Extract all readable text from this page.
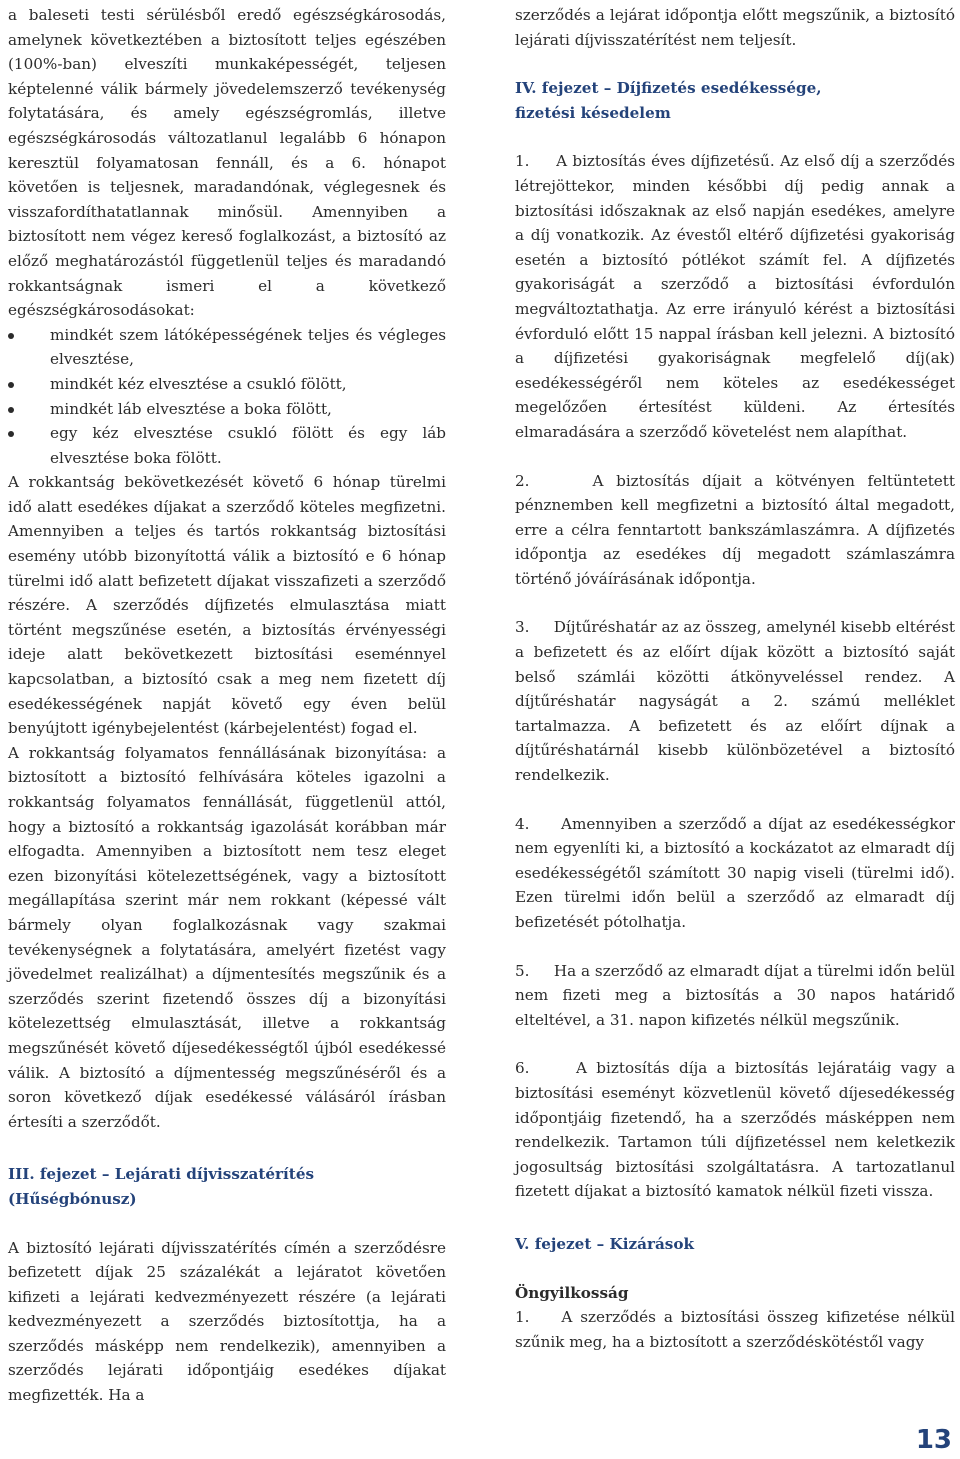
a baleseti testi sérülésből eredő egészségkárosodás, amelynek következtében a biztosított teljes egészében (100%-ban) elveszíti munkaképességét, teljesen képtelenné válik bármely jövedelemszerző tevékenység folytatására, és amely egészségromlás, illetve egészségkárosodás változatlanul legalább 6 hónapon keresztül folyamatosan fennáll, és a 6. hónapot követően is teljesnek, maradandónak, véglegesnek és visszafordíthatatlannak minősül. Amennyiben a biztosított nem végez kereső foglalkozást, a biztosító az előző meghatározástól függetlenül teljes és maradandó rokkantságnak ismeri el a következő egészségkárosodásokat:

mindkét szem látóképességének teljes és végleges elvesztése,
mindkét kéz elvesztése a csukló fölött,
mindkét láb elvesztése a boka fölött,
egy kéz elvesztése csukló fölött és egy láb elvesztése boka fölött.

A rokkantság bekövetkezését követő 6 hónap türelmi idő alatt esedékes díjakat a szerződő köteles megfizetni. Amennyiben a teljes és tartós rokkantság biztosítási esemény utóbb bizonyítottá válik a biztosító e 6 hónap türelmi idő alatt befizetett díjakat visszafizeti a szerződő részére. A szerződés díjfizetés elmulasztása miatt történt megszűnése esetén, a biztosítás érvényességi ideje alatt bekövetkezett biztosítási eseménnyel kapcsolatban, a biztosító csak a meg nem fizetett díj esedékességének napját követő egy éven belül benyújtott igénybejelentést (kárbejelentést) fogad el.

A rokkantság folyamatos fennállásának bizonyítása: a biztosított a biztosító felhívására köteles igazolni a rokkantság folyamatos fennállását, függetlenül attól, hogy a biztosító a rokkantság igazolását korábban már elfogadta. Amennyiben a biztosított nem tesz eleget ezen bizonyítási kötelezettségének, vagy a biztosított megállapítása szerint már nem rokkant (képessé vált bármely olyan foglalkozásnak vagy szakmai tevékenységnek a folytatására, amelyért fizetést vagy jövedelmet realizálhat) a díjmentesítés megszűnik és a szerződés szerint fizetendő összes díj a bizonyítási kötelezettség elmulasztását, illetve a rokkantság megszűnését követő díjesedékességtől újból esedékessé válik. A biztosító a díjmentesség megszűnéséről és a soron következő díjak esedékessé válásáról írásban értesíti a szerződőt.

III. fejezet – Lejárati díjvisszatérítés (Hűségbónusz)

A biztosító lejárati díjvisszatérítés címén a szerződésre befizetett díjak 25 százalékát a lejáratot követően kifizeti a lejárati kedvezményezett részére (a lejárati kedvezményezett a szerződés biztosítottja, ha a szerződés másképp nem rendelkezik), amennyiben a szerződés lejárati időpontjáig esedékes díjakat megfizették. Ha a

szerződés a lejárat időpontja előtt megszűnik, a biztosító lejárati díjvisszatérítést nem teljesít.

IV. fejezet – Díjfizetés esedékessége,
fizetési késedelem

1. A biztosítás éves díjfizetésű. Az első díj a szerződés létrejöttekor, minden későbbi díj pedig annak a biztosítási időszaknak az első napján esedékes, amelyre a díj vonatkozik. Az évestől eltérő díjfizetési gyakoriság esetén a biztosító pótlékot számít fel. A díjfizetés gyakoriságát a szerződő a biztosítási évfordulón megváltoztathatja. Az erre irányuló kérést a biztosítási évforduló előtt 15 nappal írásban kell jelezni. A biztosító a díjfizetési gyakoriságnak megfelelő díj(ak) esedékességéről nem köteles az esedékességet megelőzően értesítést küldeni. Az értesítés elmaradására a szerződő követelést nem alapíthat.

2.	A biztosítás díjait a kötvényen feltüntetett pénznemben kell megfizetni a biztosító által megadott, erre a célra fenntartott bankszámlaszámra. A díjfizetés időpontja az esedékes díj megadott számlaszámra történő jóváírásának időpontja.

3. Díjtűréshatár az az összeg, amelynél kisebb eltérést a befizetett és az előírt díjak között a biztosító saját belső számlái közötti átkönyveléssel rendez. A díjtűréshatár nagyságát a 2. számú melléklet tartalmazza. A befizetett és az előírt díjnak a díjtűréshatárnál kisebb különbözetével a biztosító rendelkezik.

4. Amennyiben a szerződő a díjat az esedékességkor nem egyenlíti ki, a biztosító a kockázatot az elmaradt díj esedékességétől számított 30 napig viseli (türelmi idő). Ezen türelmi időn belül a szerződő az elmaradt díj befizetését pótolhatja.

5. Ha a szerződő az elmaradt díjat a türelmi időn belül nem fizeti meg a biztosítás a 30 napos határidő elteltével, a 31. napon kifizetés nélkül megszűnik.

6.	A biztosítás díja a biztosítás lejáratáig vagy a biztosítási eseményt közvetlenül követő díjesedékesség időpontjáig fizetendő, ha a szerződés másképpen nem rendelkezik. Tartamon túli díjfizetéssel nem keletkezik jogosultság biztosítási szolgáltatásra. A tartozatlanul fizetett díjakat a biztosító kamatok nélkül fizeti vissza.

V. fejezet – Kizárások
Öngyilkosság

1. A szerződés a biztosítási összeg kifizetése nélkül szűnik meg, ha a biztosított a szerződéskötéstől vagy

13
